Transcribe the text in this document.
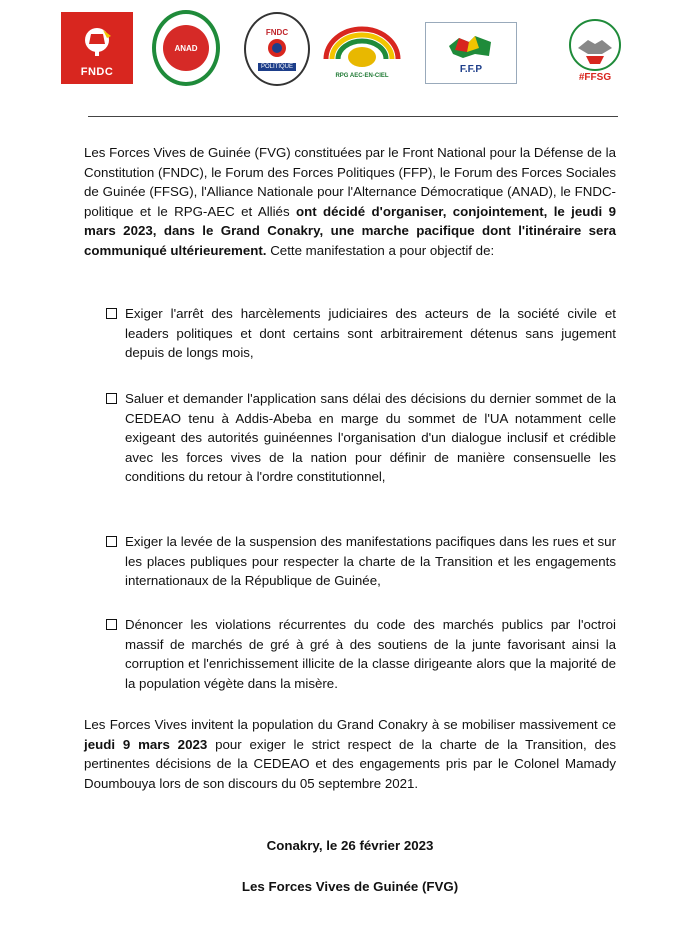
FNDC
ANAD
FNDC
POLITIQUE
RPG AEC-EN-CIEL
F.F.P
#FFSG

Les Forces Vives de Guinée (FVG) constituées par le Front National pour la Défense de la Constitution (FNDC), le Forum des Forces Politiques (FFP), le Forum des Forces Sociales de Guinée (FFSG), l'Alliance Nationale pour l'Alternance Démocratique (ANAD), le FNDC-politique et le RPG-AEC et Alliés ont décidé d'organiser, conjointement, le jeudi 9 mars 2023, dans le Grand Conakry, une marche pacifique dont l'itinéraire sera communiqué ultérieurement. Cette manifestation a pour objectif de:

Exiger l'arrêt des harcèlements judiciaires des acteurs de la société civile et leaders politiques et dont certains sont arbitrairement détenus sans jugement depuis de longs mois,
Saluer et demander l'application sans délai des décisions du dernier sommet de la CEDEAO tenu à Addis-Abeba en marge du sommet de l'UA notamment celle exigeant des autorités guinéennes l'organisation d'un dialogue inclusif et crédible avec les forces vives de la nation pour définir de manière consensuelle les conditions du retour à l'ordre constitutionnel,
Exiger la levée de la suspension des manifestations pacifiques dans les rues et sur les places publiques pour respecter la charte de la Transition et les engagements internationaux de la République de Guinée,
Dénoncer les violations récurrentes du code des marchés publics par l'octroi massif de marchés de gré à gré à des soutiens de la junte favorisant ainsi la corruption et l'enrichissement illicite de la classe dirigeante alors que la majorité de la population végète dans la misère.

Les Forces Vives invitent la population du Grand Conakry à se mobiliser massivement ce jeudi 9 mars 2023 pour exiger le strict respect de la charte de la Transition, des pertinentes décisions de la CEDEAO et des engagements pris par le Colonel Mamady Doumbouya lors de son discours du 05 septembre 2021.

Conakry, le 26 février 2023
Les Forces Vives de Guinée (FVG)
